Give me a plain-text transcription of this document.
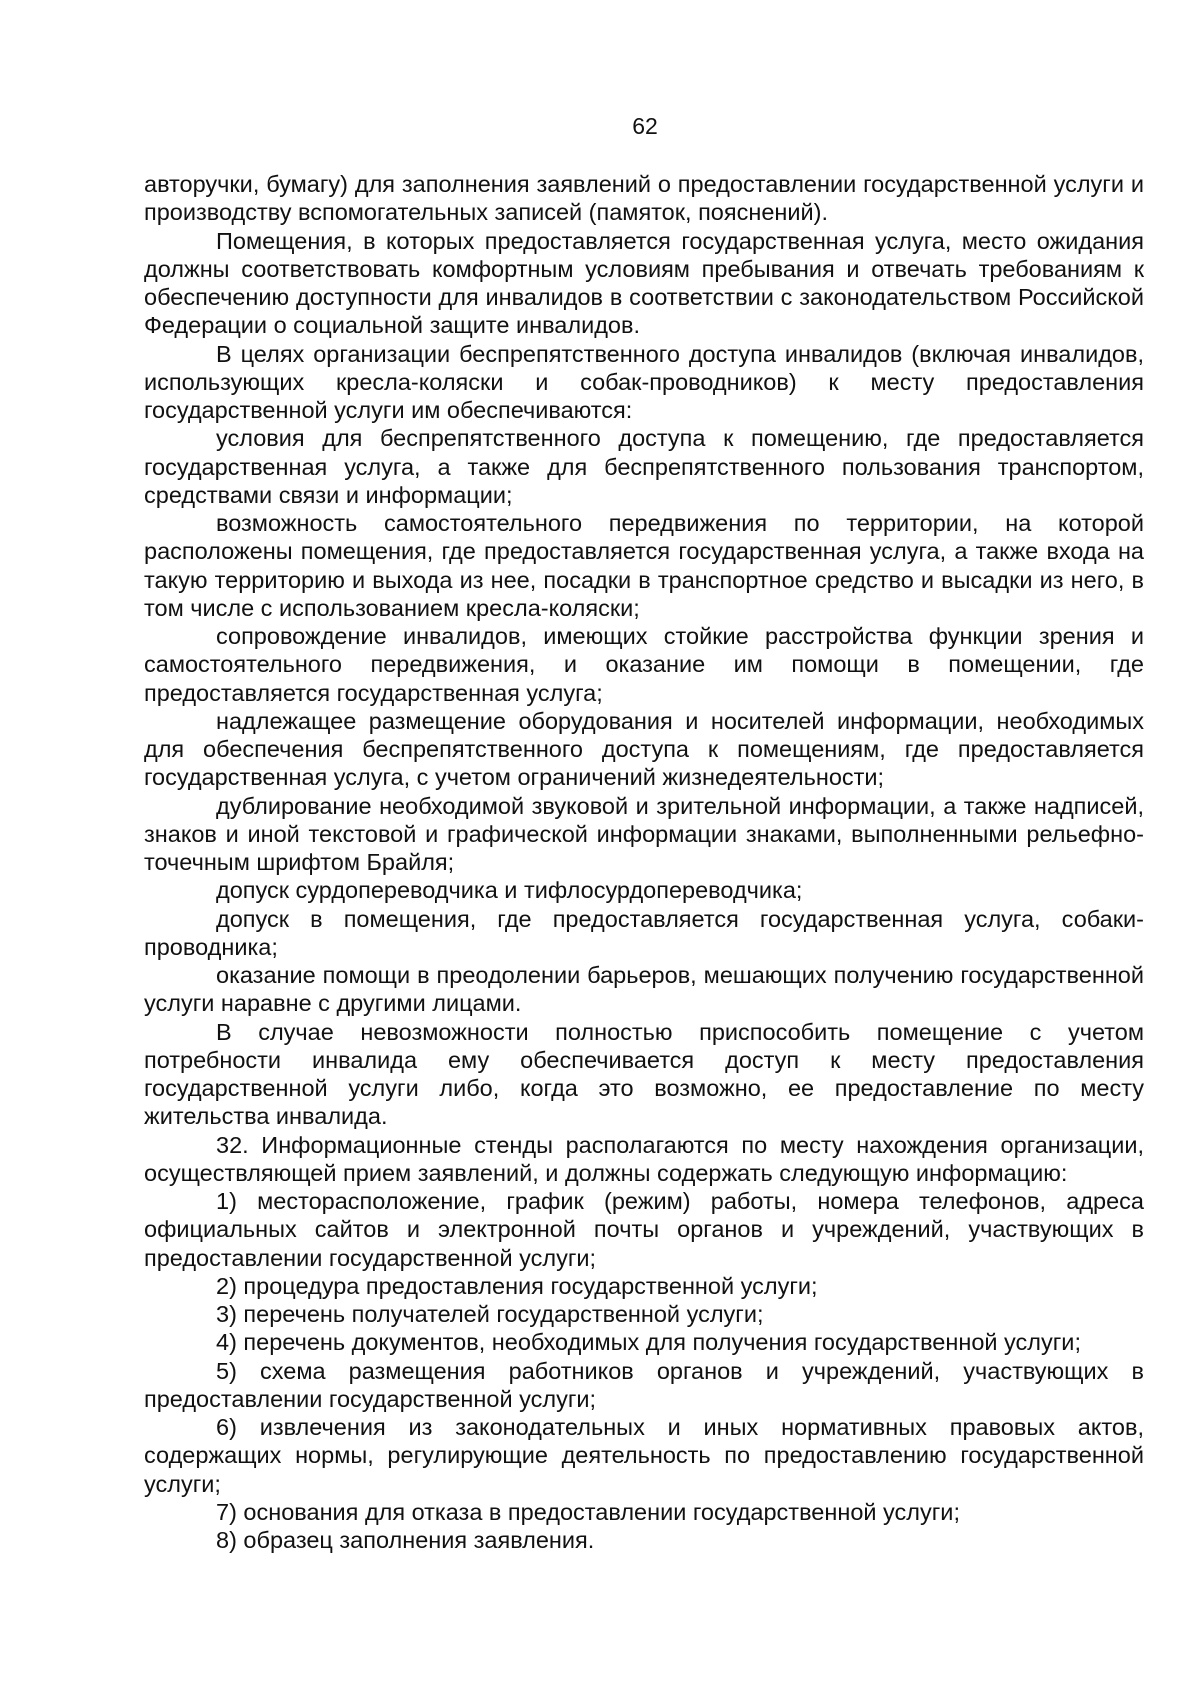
62

авторучки, бумагу) для заполнения заявлений о предоставлении государственной услуги и производству вспомогательных записей (памяток, пояснений).

Помещения, в которых предоставляется государственная услуга, место ожидания должны соответствовать комфортным условиям пребывания и отвечать требованиям к обеспечению доступности для инвалидов в соответствии с законодательством Российской Федерации о социальной защите инвалидов.

В целях организации беспрепятственного доступа инвалидов (включая инвалидов, использующих кресла-коляски и собак-проводников) к месту предоставления государственной услуги им обеспечиваются:

условия для беспрепятственного доступа к помещению, где предоставляется государственная услуга, а также для беспрепятственного пользования транспортом, средствами связи и информации;

возможность самостоятельного передвижения по территории, на которой расположены помещения, где предоставляется государственная услуга, а также входа на такую территорию и выхода из нее, посадки в транспортное средство и высадки из него, в том числе с использованием кресла-коляски;

сопровождение инвалидов, имеющих стойкие расстройства функции зрения и самостоятельного передвижения, и оказание им помощи в помещении, где предоставляется государственная услуга;

надлежащее размещение оборудования и носителей информации, необходимых для обеспечения беспрепятственного доступа к помещениям, где предоставляется государственная услуга, с учетом ограничений жизнедеятельности;

дублирование необходимой звуковой и зрительной информации, а также надписей, знаков и иной текстовой и графической информации знаками, выполненными рельефно-точечным шрифтом Брайля;

допуск сурдопереводчика и тифлосурдопереводчика;

допуск в помещения, где предоставляется государственная услуга, собаки-проводника;

оказание помощи в преодолении барьеров, мешающих получению государственной услуги наравне с другими лицами.

В случае невозможности полностью приспособить помещение с учетом потребности инвалида ему обеспечивается доступ к месту предоставления государственной услуги либо, когда это возможно, ее предоставление по месту жительства инвалида.

32. Информационные стенды располагаются по месту нахождения организации, осуществляющей прием заявлений, и должны содержать следующую информацию:

1) месторасположение, график (режим) работы, номера телефонов, адреса официальных сайтов и электронной почты органов и учреждений, участвующих в предоставлении государственной услуги;

2) процедура предоставления государственной услуги;

3) перечень получателей государственной услуги;

4) перечень документов, необходимых для получения государственной услуги;

5) схема размещения работников органов и учреждений, участвующих в предоставлении государственной услуги;

6) извлечения из законодательных и иных нормативных правовых актов, содержащих нормы, регулирующие деятельность по предоставлению государственной услуги;

7) основания для отказа в предоставлении государственной услуги;

8) образец заполнения заявления.
